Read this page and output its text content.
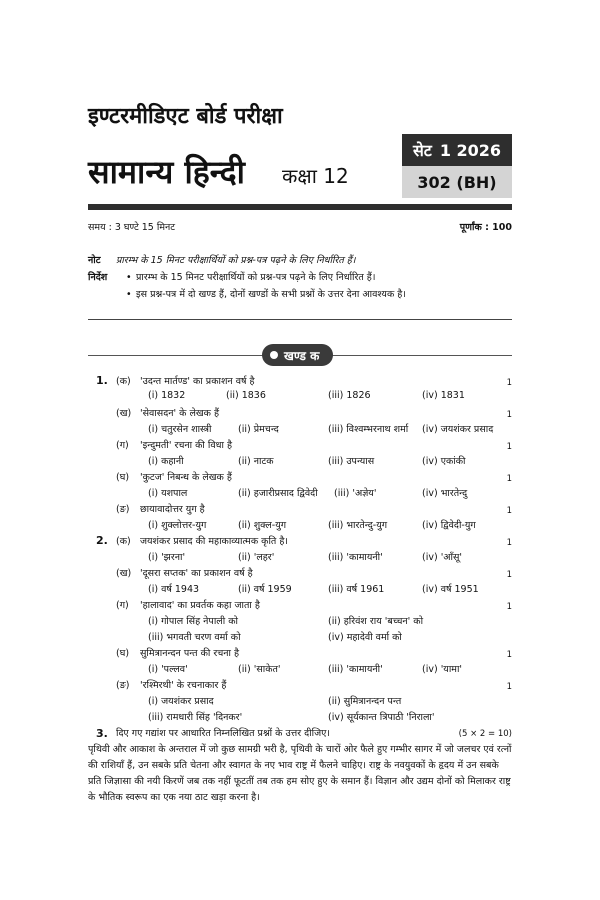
इण्टरमीडिएट बोर्ड परीक्षा
सामान्य हिन्दी कक्षा 12
सेट 1 2026
302 (BH)
समय : 3 घण्टे 15 मिनट	पूर्णांक : 100
नोट प्रारम्भ के 15 मिनट परीक्षार्थियों को प्रश्न-पत्र पढ़ने के लिए निर्धारित हैं।
निर्देश • प्रारम्भ के 15 मिनट परीक्षार्थियों को प्रश्न-पत्र पढ़ने के लिए निर्धारित हैं।
• इस प्रश्न-पत्र में दो खण्ड हैं, दोनों खण्डों के सभी प्रश्नों के उत्तर देना आवश्यक है।
खण्ड क
1. (क) 'उदन्त मार्तण्ड' का प्रकाशन वर्ष है	1
(i) 1832	(ii) 1836	(iii) 1826	(iv) 1831
(ख) 'सेवासदन' के लेखक हैं	1
(i) चतुरसेन शास्त्री	(ii) प्रेमचन्द	(iii) विश्वम्भरनाथ शर्मा (iv) जयशंकर प्रसाद
(ग) 'इन्दुमती' रचना की विधा है	1
(i) कहानी	(ii) नाटक	(iii) उपन्यास	(iv) एकांकी
(घ) 'कुटज' निबन्ध के लेखक हैं	1
(i) यशपाल	(ii) हजारीप्रसाद द्विवेदी (iii) 'अज्ञेय'	(iv) भारतेन्दु
(ङ) छायावादोत्तर युग है	1
(i) शुक्लोत्तर-युग	(ii) शुक्ल-युग	(iii) भारतेन्दु-युग	(iv) द्विवेदी-युग
2. (क) जयशंकर प्रसाद की महाकाव्यात्मक कृति है।	1
(i) 'झरना'	(ii) 'लहर'	(iii) 'कामायनी'	(iv) 'आँसू'
(ख) 'दूसरा सप्तक' का प्रकाशन वर्ष है	1
(i) वर्ष 1943	(ii) वर्ष 1959	(iii) वर्ष 1961	(iv) वर्ष 1951
(ग) 'हालावाद' का प्रवर्तक कहा जाता है	1
(i) गोपाल सिंह नेपाली को	(ii) हरिवंश राय 'बच्चन' को
(iii) भगवती चरण वर्मा को	(iv) महादेवी वर्मा को
(घ) सुमित्रानन्दन पन्त की रचना है	1
(i) 'पल्लव'	(ii) 'साकेत'	(iii) 'कामायनी'	(iv) 'यामा'
(ङ) 'रश्मिरथी' के रचनाकार हैं	1
(i) जयशंकर प्रसाद	(ii) सुमित्रानन्दन पन्त
(iii) रामधारी सिंह 'दिनकर'	(iv) सूर्यकान्त त्रिपाठी 'निराला'
3. दिए गए गद्यांश पर आधारित निम्नलिखित प्रश्नों के उत्तर दीजिए।	(5 × 2 = 10)

पृथिवी और आकाश के अन्तराल में जो कुछ सामग्री भरी है, पृथिवी के चारों ओर फैले हुए गम्भीर सागर में जो जलचर एवं रत्नों की राशियाँ हैं, उन सबके प्रति चेतना और स्वागत के नए भाव राष्ट्र में फैलने चाहिए। राष्ट्र के नवयुवकों के हृदय में उन सबके प्रति जिज्ञासा की नयी किरणें जब तक नहीं फूटतीं तब तक हम सोए हुए के समान हैं। विज्ञान और उद्यम दोनों को मिलाकर राष्ट्र के भौतिक स्वरूप का एक नया ठाट खड़ा करना है।
